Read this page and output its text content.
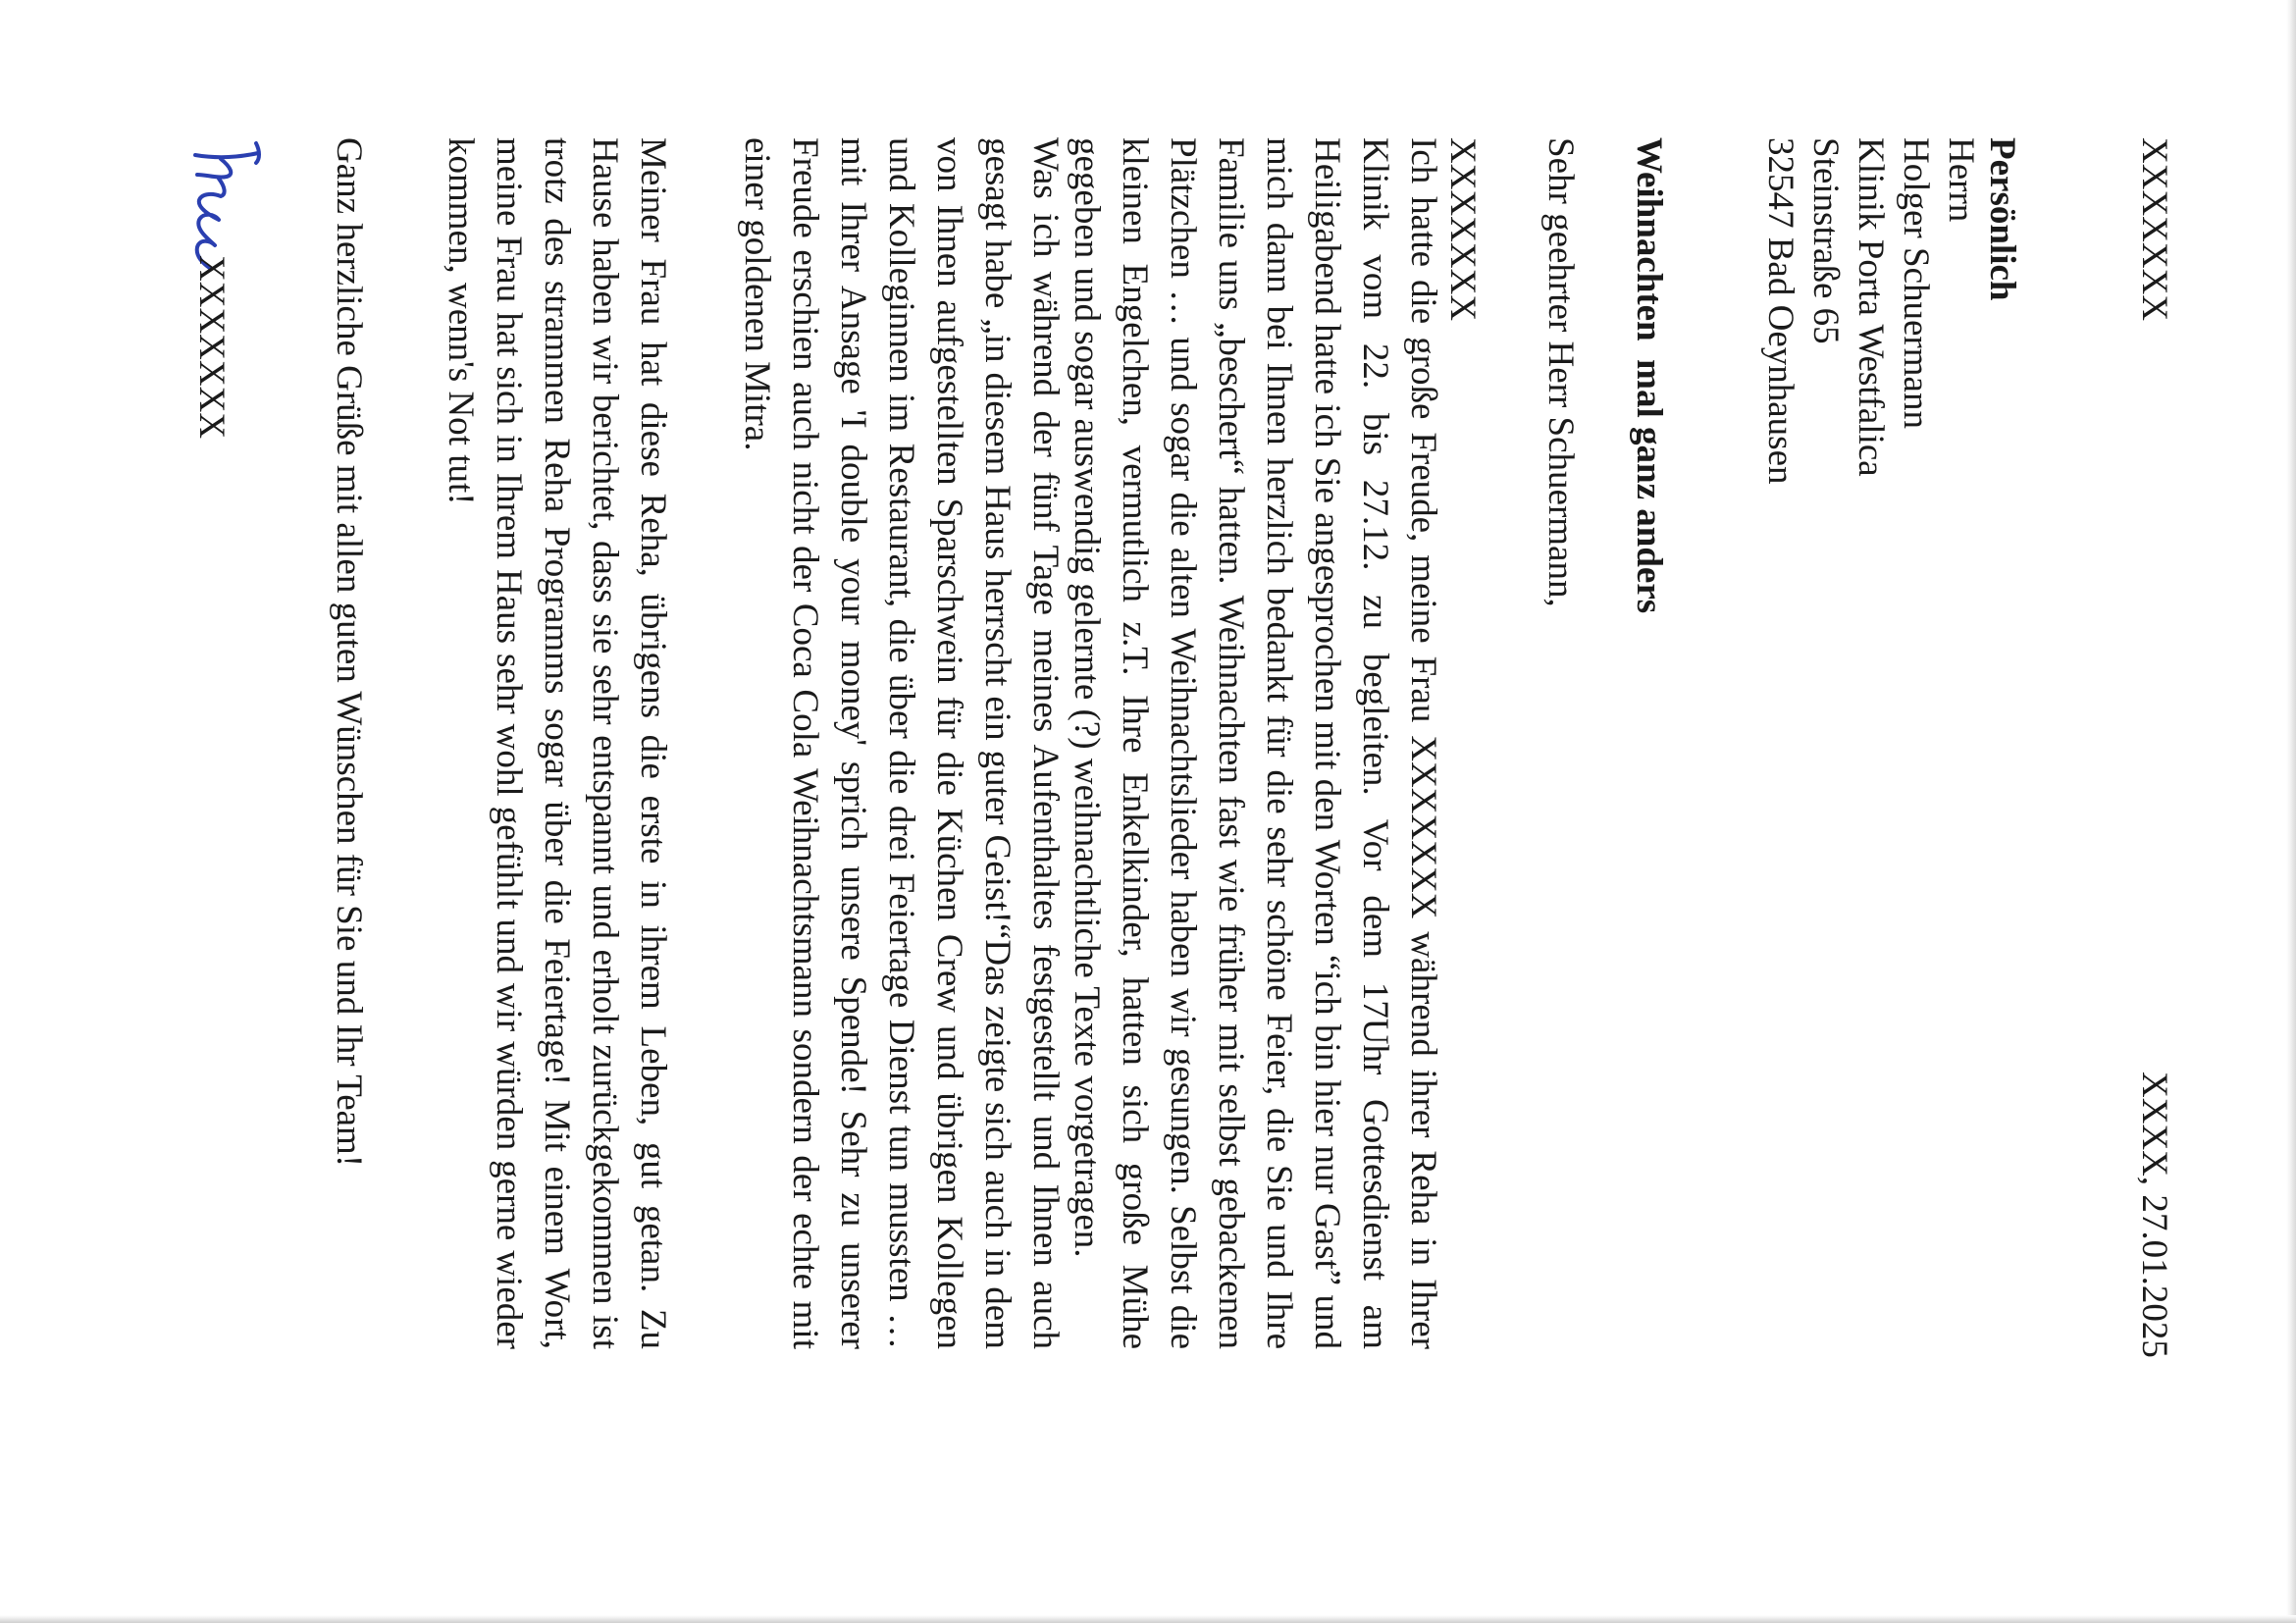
XXXXXXX
XXXX, 27.01.2025
Persönlich
Herrn
Holger Schuermann
Klinik Porta Westfalica
Steinstraße 65
32547 Bad Oeynhausen
Weihnachten  mal ganz anders
Sehr geehrter Herr Schuermann,
XXXXXXX

Ich hatte die große Freude, meine Frau XXXXXXX während ihrer Reha in Ihrer Klinik vom 22. bis 27.12. zu begleiten. Vor dem 17Uhr Gottesdienst am Heiligabend hatte ich Sie angesprochen mit den Worten “ich bin hier nur Gast” und mich dann bei Ihnen herzlich bedankt für die sehr schöne Feier, die Sie und Ihre Familie uns „beschert“ hatten. Weihnachten fast wie früher mit selbst gebackenen Plätzchen … und sogar die alten Weihnachtslieder haben wir gesungen. Selbst die kleinen Engelchen, vermutlich z.T. Ihre Enkelkinder, hatten sich große Mühe gegeben und sogar auswendig gelernte (?) weihnachtliche Texte vorgetragen.

Was ich während der fünf Tage meines Aufenthaltes festgestellt und Ihnen auch gesagt habe „in diesem Haus herrscht ein guter Geist!“Das zeigte sich auch in dem von Ihnen aufgestellten Sparschwein für die Küchen Crew und übrigen Kollegen und Kolleginnen im Restaurant, die über die drei Feiertage Dienst tun mussten …mit Ihrer Ansage 'I double your money' sprich unsere Spende! Sehr zu unserer Freude erschien auch nicht der Coca Cola Weihnachtsmann sondern der echte mit einer goldenen Mitra.

Meiner Frau hat diese Reha, übrigens die erste in ihrem Leben, gut getan. Zu Hause haben wir berichtet, dass sie sehr entspannt und erholt zurückgekommen ist trotz des strammen Reha Programms sogar über die Feiertage! Mit einem Wort, meine Frau hat sich in Ihrem Haus sehr wohl gefühlt und wir würden gerne wieder kommen, wenn's Not tut!

Ganz herzliche Grüße mit allen guten Wünschen für Sie und Ihr Team!
XXXXXXX
